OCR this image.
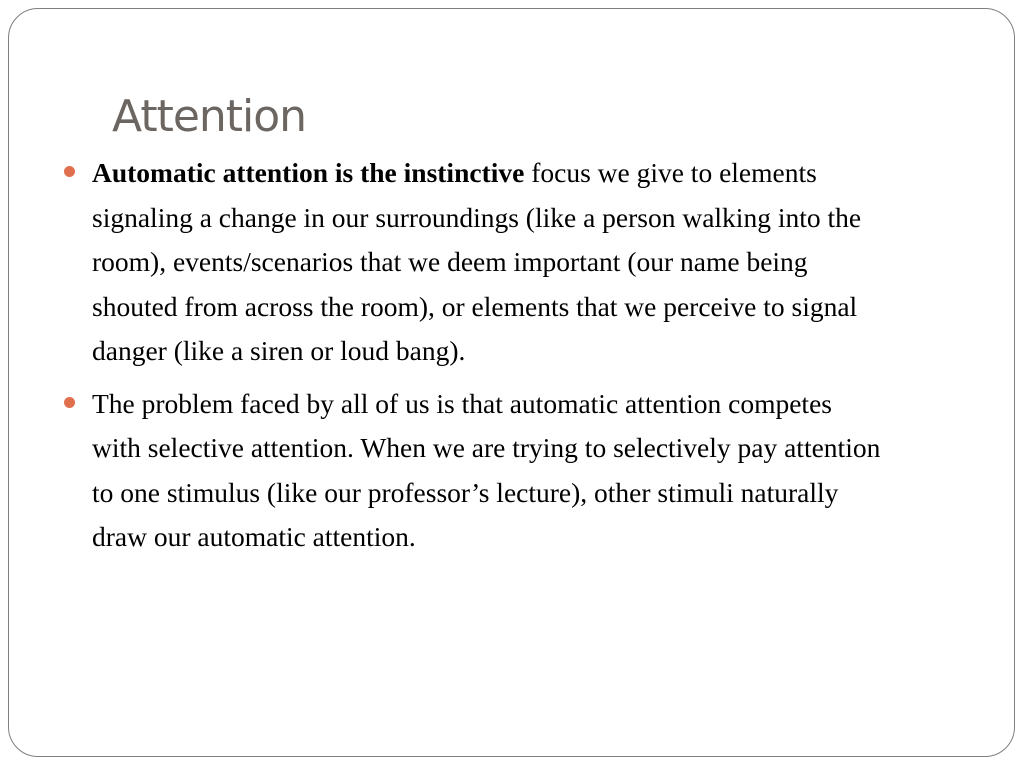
Attention
Automatic attention is the instinctive focus we give to elements signaling a change in our surroundings (like a person walking into the room), events/scenarios that we deem important (our name being shouted from across the room), or elements that we perceive to signal danger (like a siren or loud bang).
The problem faced by all of us is that automatic attention competes with selective attention. When we are trying to selectively pay attention to one stimulus (like our professor’s lecture), other stimuli naturally draw our automatic attention.
